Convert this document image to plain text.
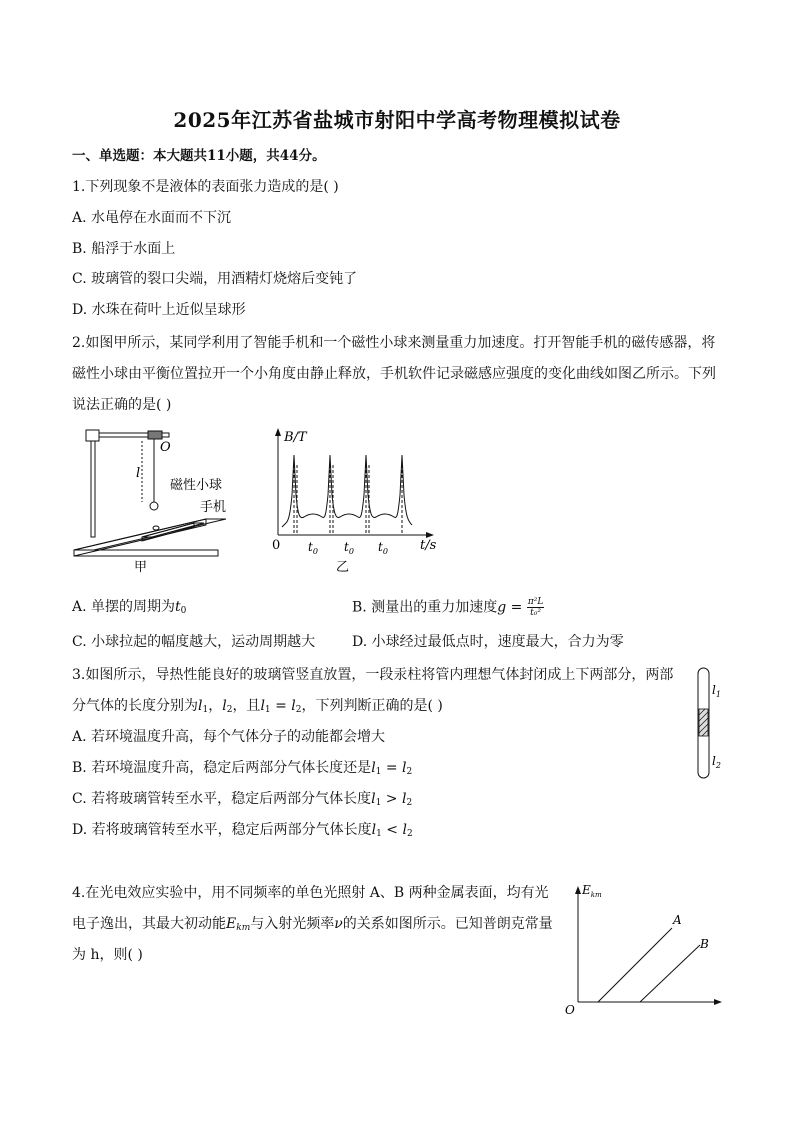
2025年江苏省盐城市射阳中学高考物理模拟试卷
一、单选题：本大题共11小题，共44分。
1.下列现象不是液体的表面张力造成的是( )
A. 水黾停在水面而不下沉
B. 船浮于水面上
C. 玻璃管的裂口尖端，用酒精灯烧熔后变钝了
D. 水珠在荷叶上近似呈球形
2.如图甲所示，某同学利用了智能手机和一个磁性小球来测量重力加速度。打开智能手机的磁传感器，将
磁性小球由平衡位置拉开一个小角度由静止释放，手机软件记录磁感应强度的变化曲线如图乙所示。下列
说法正确的是( )
O
l
磁性小球
手机
甲
B/T
t/s
0 $t_0$ $t_0$ $t_0$
乙
A. 单摆的周期为$t_0$	B. 测量出的重力加速度$g = \frac{\text{π²L}}{\text{t₀²}}$
C. 小球拉起的幅度越大，运动周期越大	D. 小球经过最低点时，速度最大，合力为零
3.如图所示，导热性能良好的玻璃管竖直放置，一段汞柱将管内理想气体封闭成上下两部分，两部
分气体的长度分别为$l_1$，$l_2$，且$l_1 = l_2$，下列判断正确的是( )
A. 若环境温度升高，每个气体分子的动能都会增大
B. 若环境温度升高，稳定后两部分气体长度还是$l_1 = l_2$
C. 若将玻璃管转至水平，稳定后两部分气体长度$l_1 > l_2$
D. 若将玻璃管转至水平，稳定后两部分气体长度$l_1 < l_2$
$l_1$
$l_2$
4.在光电效应实验中，用不同频率的单色光照射 A、B 两种金属表面，均有光
电子逸出，其最大初动能$E_{km}$与入射光频率ν的关系如图所示。已知普朗克常量
为 h，则( )
$E_{km}$
O
A
B
